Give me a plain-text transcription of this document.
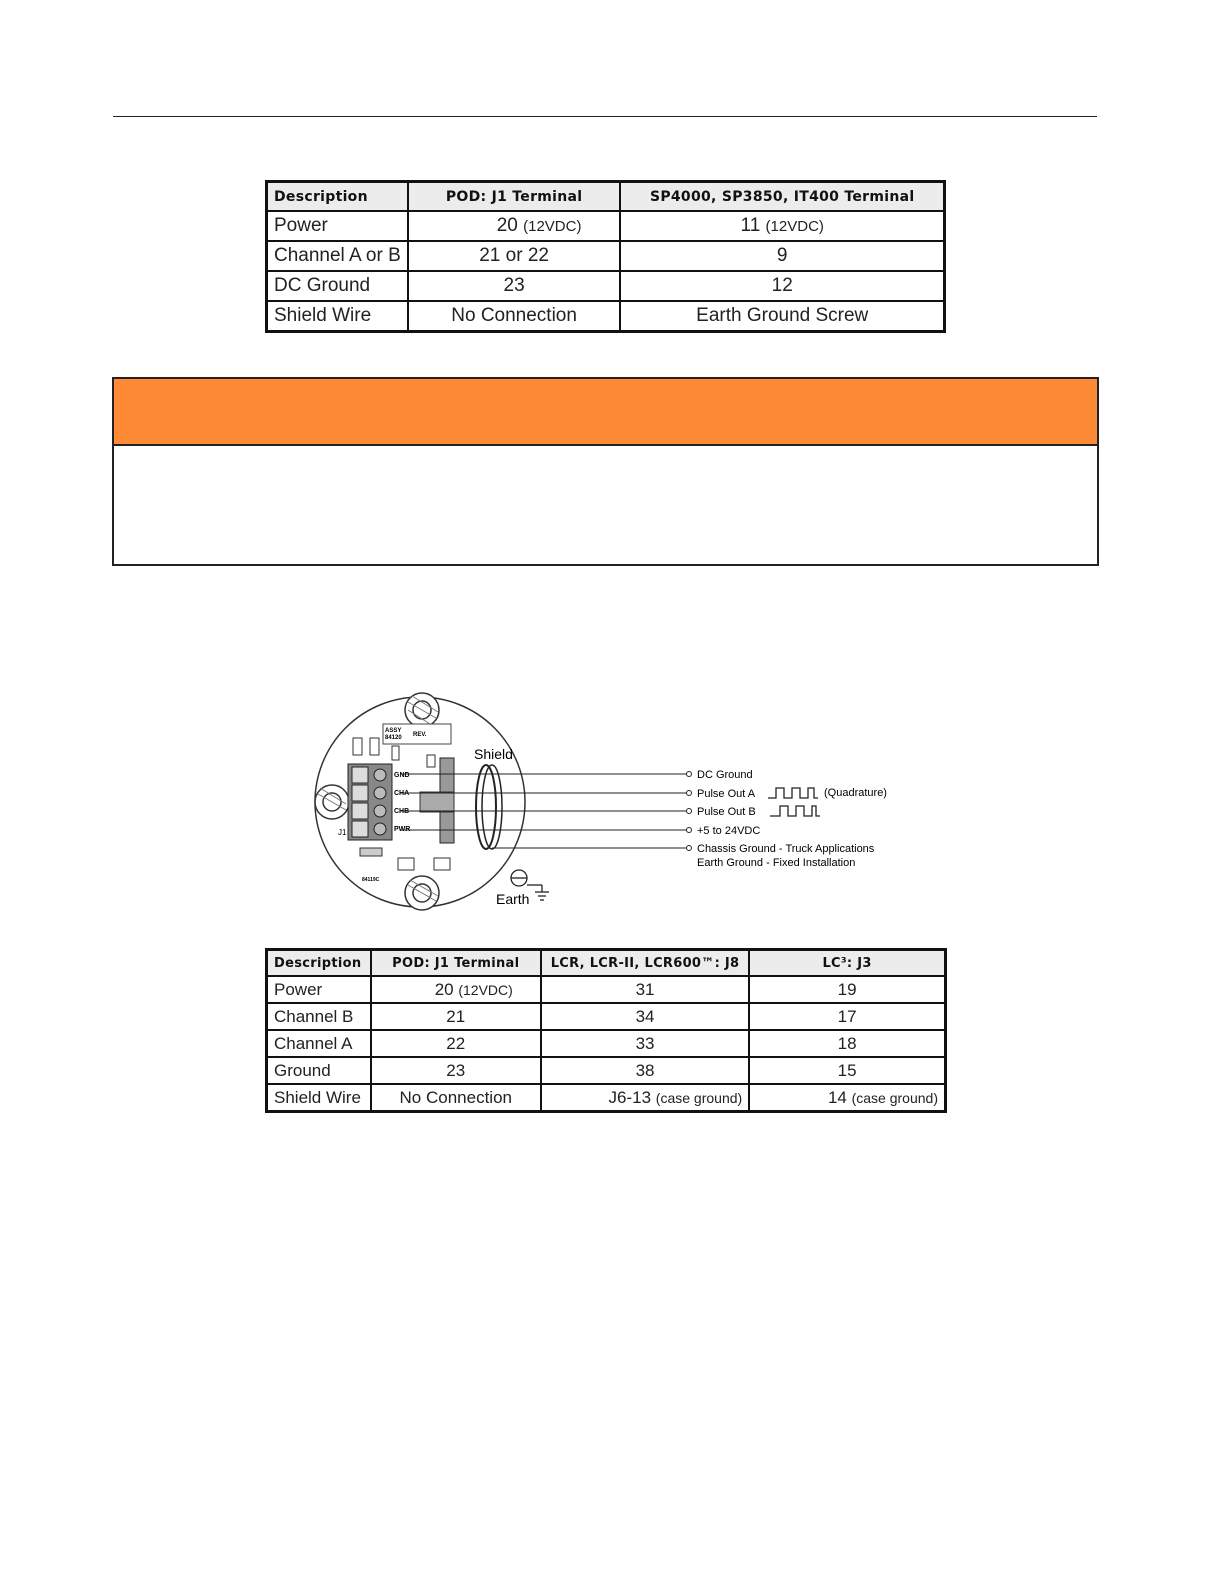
Description	POD: J1 Terminal	SP4000, SP3850, IT400 Terminal
Power	20 (12VDC)	11 (12VDC)
Channel A or B	21 or 22	9
DC Ground	23	12
Shield Wire	No Connection	Earth Ground Screw
ASSY
84120 REV.
GND
CHA
CHB
PWR
J1
84119C
Shield
DC Ground
Pulse Out A
Pulse Out B
+5 to 24VDC
Chassis Ground - Truck Applications
Earth Ground - Fixed Installation
(Quadrature)
Earth
Description	POD: J1 Terminal	LCR, LCR-II, LCR600™: J8	LC³: J3
Power	20 (12VDC)	31	19
Channel B	21	34	17
Channel A	22	33	18
Ground	23	38	15
Shield Wire	No Connection	J6-13 (case ground)	14 (case ground)
